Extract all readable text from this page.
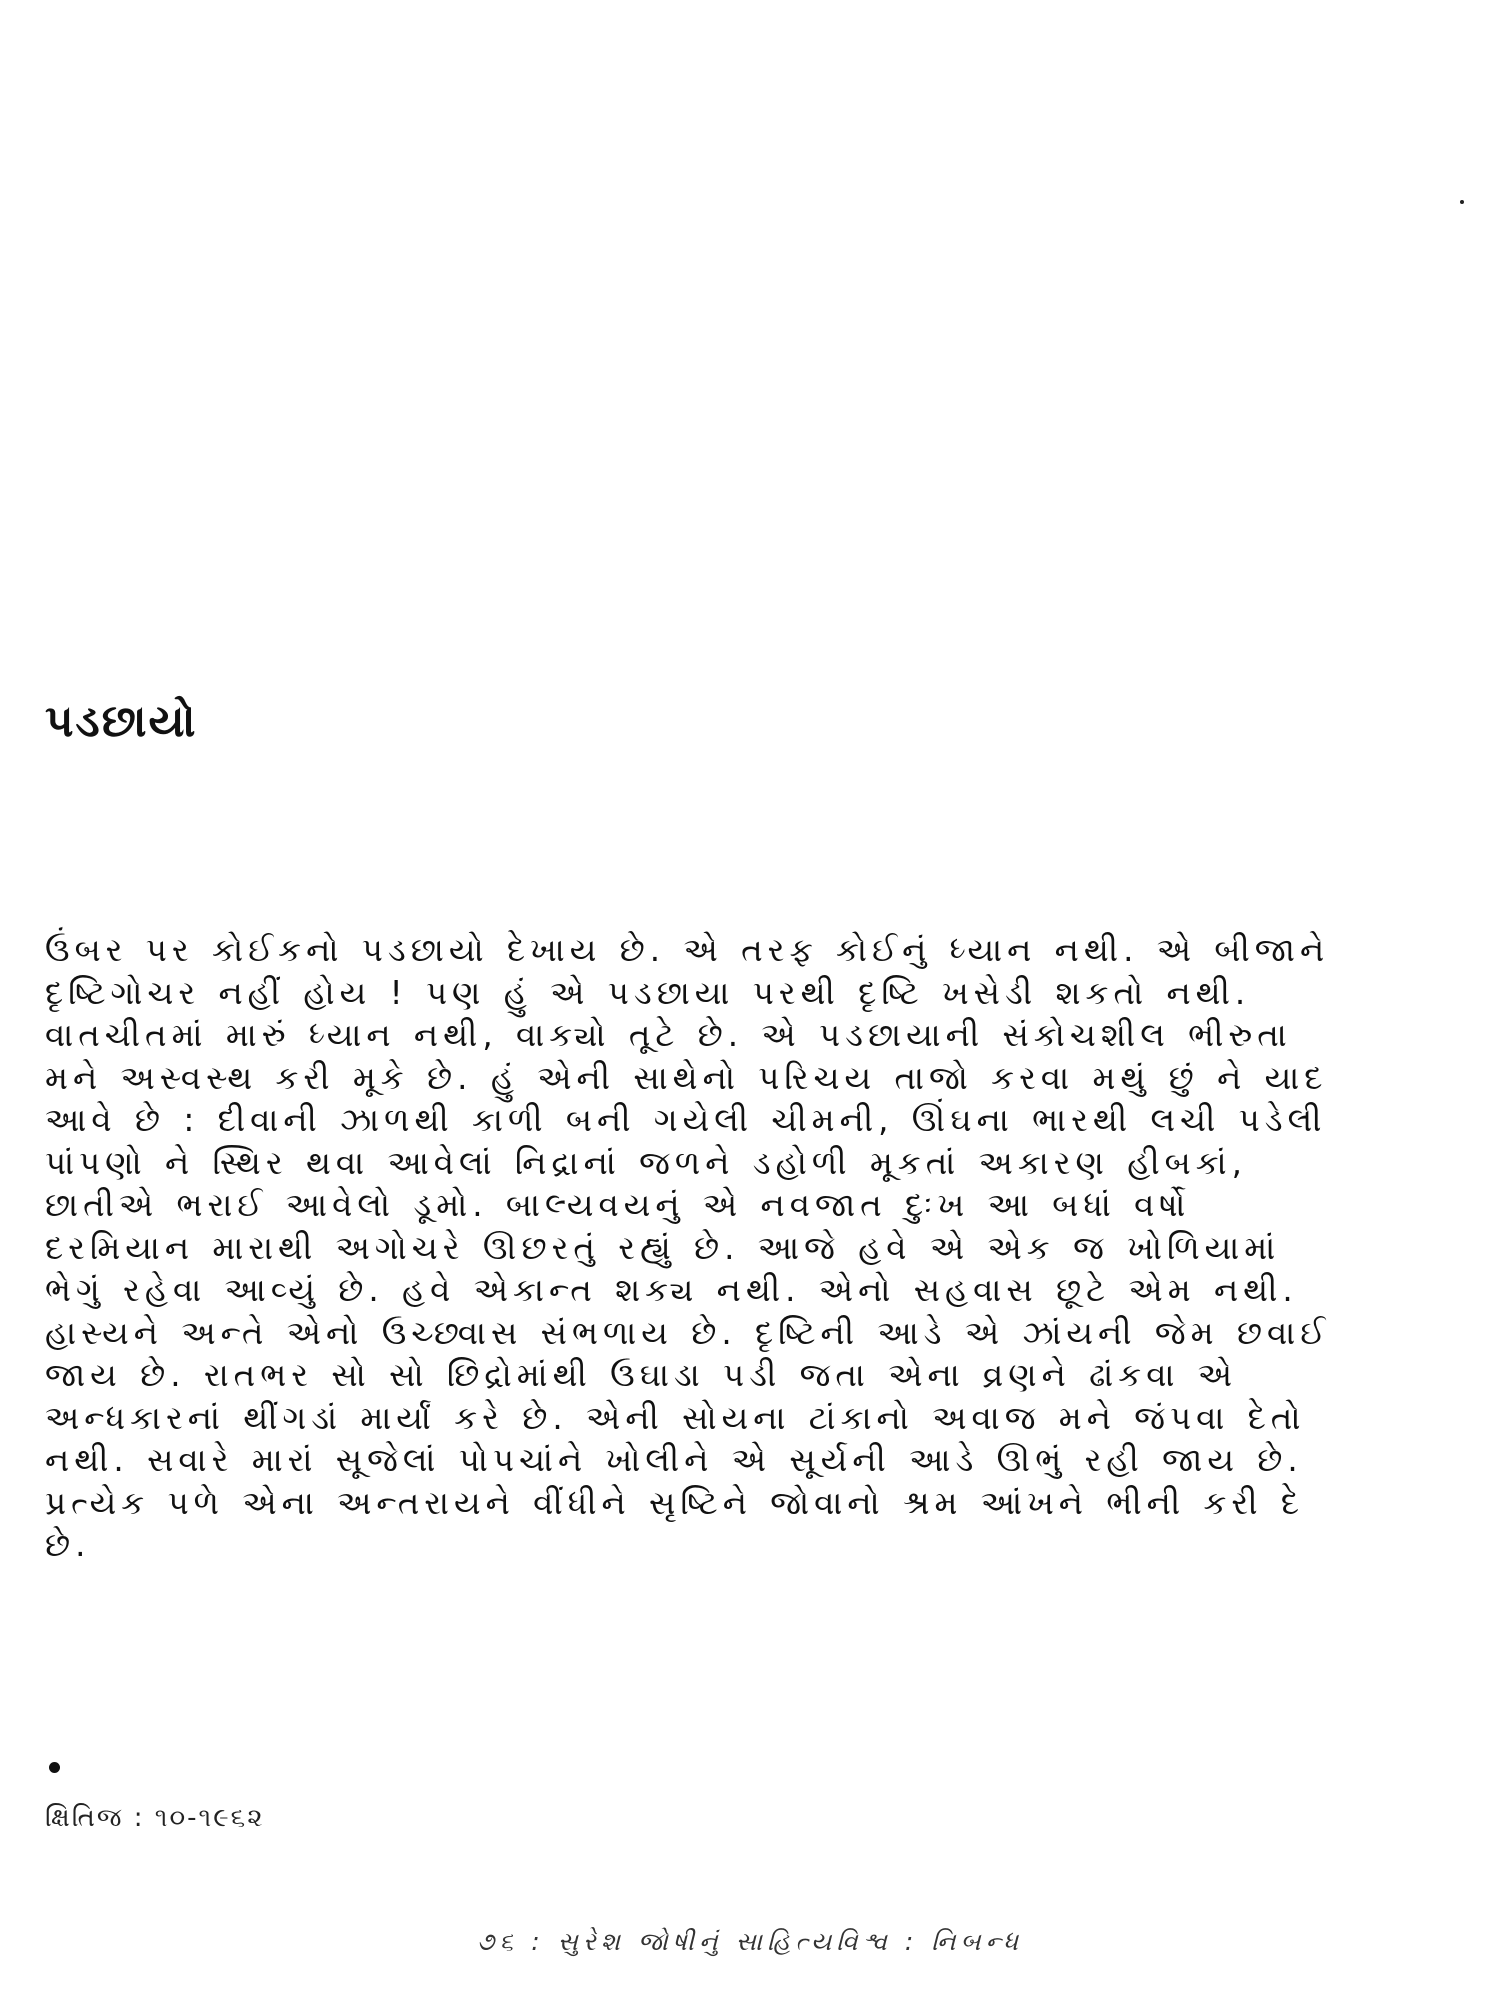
પડછાયો
ઉંબર પર કોઈકનો પડછાયો દેખાય છે. એ તરફ કોઈનું ધ્યાન નથી. એ બીજાને
દૃષ્ટિગોચર નહીં હોય ! પણ હું એ પડછાયા પરથી દૃષ્ટિ ખસેડી શકતો નથી.
વાતચીતમાં મારું ધ્યાન નથી, વાક્યો તૂટે છે. એ પડછાયાની સંકોચશીલ ભીરુતા
મને અસ્વસ્થ કરી મૂકે છે. હું એની સાથેનો પરિચય તાજો કરવા મથું છું ને યાદ
આવે છે : દીવાની ઝાળથી કાળી બની ગયેલી ચીમની, ઊંઘના ભારથી લચી પડેલી
પાંપણો ને સ્થિર થવા આવેલાં નિદ્રાનાં જળને ડહોળી મૂકતાં અકારણ હીબકાં,
છાતીએ ભરાઈ આવેલો ડૂમો. બાલ્યવયનું એ નવજાત દુઃખ આ બધાં વર્ષો
દરમિયાન મારાથી અગોચરે ઊછરતું રહ્યું છે. આજે હવે એ એક જ ખોળિયામાં
ભેગું રહેવા આવ્યું છે. હવે એકાન્ત શક્ય નથી. એનો સહવાસ છૂટે એમ નથી.
હાસ્યને અન્તે એનો ઉચ્છ્વાસ સંભળાય છે. દૃષ્ટિની આડે એ ઝાંયની જેમ છવાઈ
જાય છે. રાતભર સો સો છિદ્રોમાંથી ઉઘાડા પડી જતા એના વ્રણને ઢાંકવા એ
અન્ધકારનાં થીંગડાં માર્યાં કરે છે. એની સોયના ટાંકાનો અવાજ મને જંપવા દેતો
નથી. સવારે મારાં સૂજેલાં પોપચાંને ખોલીને એ સૂર્યની આડે ઊભું રહી જાય છે.
પ્રત્યેક પળે એના અન્તરાયને વીંધીને સૃષ્ટિને જોવાનો શ્રમ આંખને ભીની કરી દે
છે.
ક્ષિતિજ : ૧૦-૧૯૬૨
૭૬ : સુરેશ જોષીનું સાહિત્યવિશ્વ : નિબન્ધ
